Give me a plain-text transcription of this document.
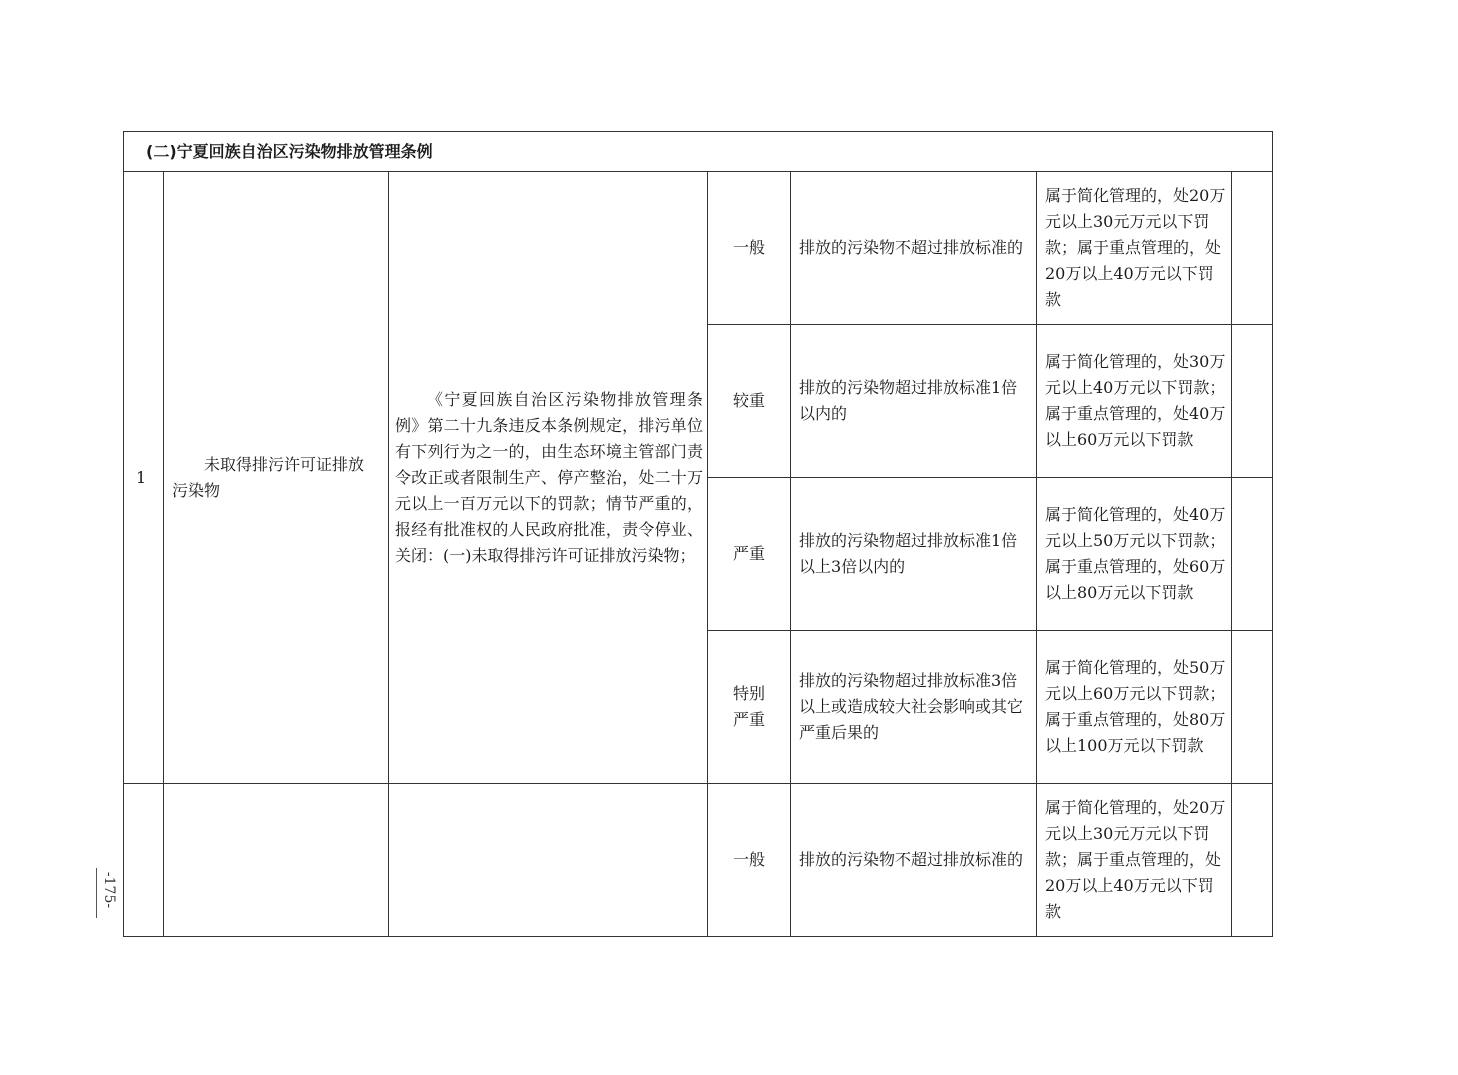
-175-
(二)宁夏回族自治区污染物排放管理条例						
1	未取得排污许可证排放污染物	《宁夏回族自治区污染物排放管理条例》第二十九条违反本条例规定，排污单位有下列行为之一的，由生态环境主管部门责令改正或者限制生产、停产整治，处二十万元以上一百万元以下的罚款；情节严重的，报经有批准权的人民政府批准，责令停业、关闭：(一)未取得排污许可证排放污染物；	一般	排放的污染物不超过排放标准的	属于简化管理的，处20万元以上30元万元以下罚款；属于重点管理的，处20万以上40万元以下罚款	
			较重	排放的污染物超过排放标准1倍以内的	属于简化管理的，处30万元以上40万元以下罚款；属于重点管理的，处40万以上60万元以下罚款	
			严重	排放的污染物超过排放标准1倍以上3倍以内的	属于简化管理的，处40万元以上50万元以下罚款；属于重点管理的，处60万以上80万元以下罚款	

			特别
严重	排放的污染物超过排放标准3倍以上或造成较大社会影响或其它严重后果的	属于简化管理的，处50万元以上60万元以下罚款；属于重点管理的，处80万以上100万元以下罚款	
			一般	排放的污染物不超过排放标准的	属于简化管理的，处20万元以上30元万元以下罚款；属于重点管理的，处20万以上40万元以下罚款	
